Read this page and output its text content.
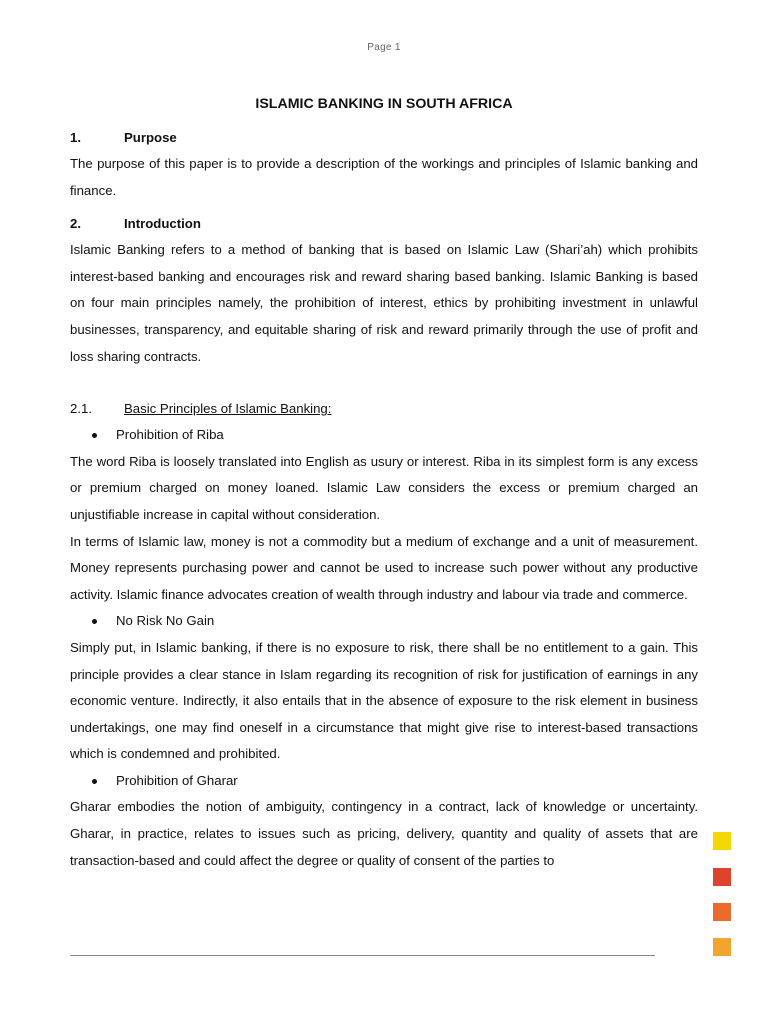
Page 1
ISLAMIC BANKING IN SOUTH AFRICA
1.	Purpose

The purpose of this paper is to provide a description of the workings and principles of Islamic banking and finance.

2.	Introduction

Islamic Banking refers to a method of banking that is based on Islamic Law (Shari’ah) which prohibits interest-based banking and encourages risk and reward sharing based banking. Islamic Banking is based on four main principles namely, the prohibition of interest, ethics by prohibiting investment in unlawful businesses, transparency, and equitable sharing of risk and reward primarily through the use of profit and loss sharing contracts.

2.1.	Basic Principles of Islamic Banking:
Prohibition of Riba

The word Riba is loosely translated into English as usury or interest. Riba in its simplest form is any excess or premium charged on money loaned. Islamic Law considers the excess or premium charged an unjustifiable increase in capital without consideration.

In terms of Islamic law, money is not a commodity but a medium of exchange and a unit of measurement. Money represents purchasing power and cannot be used to increase such power without any productive activity. Islamic finance advocates creation of wealth through industry and labour via trade and commerce.

No Risk No Gain

Simply put, in Islamic banking, if there is no exposure to risk, there shall be no entitlement to a gain. This principle provides a clear stance in Islam regarding its recognition of risk for justification of earnings in any economic venture. Indirectly, it also entails that in the absence of exposure to the risk element in business undertakings, one may find oneself in a circumstance that might give rise to interest-based transactions which is condemned and prohibited.

Prohibition of Gharar

Gharar embodies the notion of ambiguity, contingency in a contract, lack of knowledge or uncertainty. Gharar, in practice, relates to issues such as pricing, delivery, quantity and quality of assets that are transaction-based and could affect the degree or quality of consent of the parties to
